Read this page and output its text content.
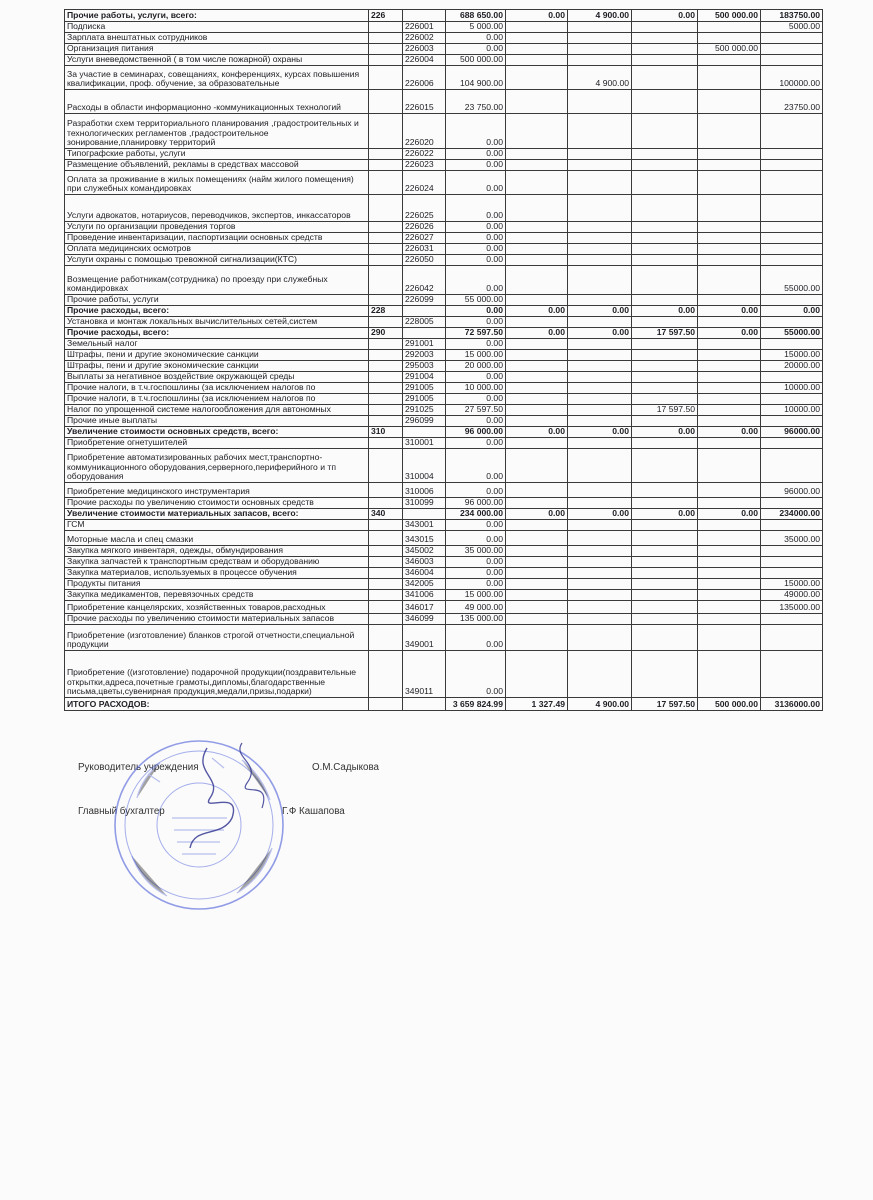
Прочие работы, услуги, всего:	226		688 650.00	0.00	4 900.00	0.00	500 000.00	183750.00
Подписка		226001	5 000.00					5000.00
Зарплата внештатных сотрудников		226002	0.00					
Организация питания		226003	0.00				500 000.00	
Услуги вневедомственной ( в том числе пожарной) охраны		226004	500 000.00					
За участие в семинарах, совещаниях, конференциях, курсах повышения квалификации, проф. обучение, за образовательные		226006	104 900.00		4 900.00			100000.00
Расходы в области информационно -коммуникационных технологий		226015	23 750.00					23750.00
Разработки схем территориального планирования ,градостроительных и технологических регламентов ,градостроительное зонирование,планировку территорий		226020	0.00					
Типографские работы, услуги		226022	0.00					
Размещение объявлений, рекламы в средствах массовой		226023	0.00					
Оплата за проживание в жилых помещениях (найм жилого помещения) при служебных командировках		226024	0.00					
Услуги адвокатов, нотариусов, переводчиков, экспертов, инкассаторов		226025	0.00					
Услуги по организации проведения торгов		226026	0.00					
Проведение инвентаризации, паспортизации основных средств		226027	0.00					
Оплата медицинских осмотров		226031	0.00					
Услуги охраны с помощью тревожной сигнализации(КТС)		226050	0.00					
Возмещение работникам(сотрудника) по проезду при служебных командировках		226042	0.00					55000.00
Прочие работы, услуги		226099	55 000.00					
Прочие расходы, всего:	228		0.00	0.00	0.00	0.00	0.00	0.00
Установка и монтаж локальных вычислительных сетей,систем		228005	0.00					
Прочие расходы, всего:	290		72 597.50	0.00	0.00	17 597.50	0.00	55000.00
Земельный налог		291001	0.00					
Штрафы, пени и другие экономические санкции		292003	15 000.00					15000.00
Штрафы, пени и другие экономические санкции		295003	20 000.00					20000.00
Выплаты за негативное воздействие окружающей среды		291004	0.00					
Прочие налоги, в т.ч.госпошлины (за исключением налогов по		291005	10 000.00					10000.00
Прочие налоги, в т.ч.госпошлины (за исключением налогов по		291005	0.00					
Налог по упрощенной системе налогообложения для автономных		291025	27 597.50			17 597.50		10000.00
Прочие иные выплаты		296099	0.00					
Увеличение стоимости основных средств, всего:	310		96 000.00	0.00	0.00	0.00	0.00	96000.00
Приобретение огнетушителей		310001	0.00					
Приобретение автоматизированных рабочих мест,транспортно-коммуникационного оборудования,серверного,периферийного и тп оборудования		310004	0.00					
Приобретение медицинского инструментария		310006	0.00					96000.00
Прочие расходы по увеличению стоимости основных средств		310099	96 000.00					
Увеличение стоимости материальных запасов, всего:	340		234 000.00	0.00	0.00	0.00	0.00	234000.00
ГСМ		343001	0.00					
Моторные масла и спец смазки		343015	0.00					35000.00
Закупка мягкого инвентаря, одежды, обмундирования		345002	35 000.00					
Закупка запчастей к транспортным средствам и оборудованию		346003	0.00					
Закупка материалов, используемых в процессе обучения		346004	0.00					
Продукты питания		342005	0.00					15000.00
Закупка медикаментов, перевязочных средств		341006	15 000.00					49000.00
Приобретение канцелярских, хозяйственных товаров,расходных		346017	49 000.00					135000.00
Прочие расходы по увеличению стоимости материальных запасов		346099	135 000.00					
Приобретение (изготовление) бланков строгой отчетности,специальной продукции		349001	0.00					
Приобретение ((изготовление) подарочной продукции(поздравительные открытки,адреса,почетные грамоты,дипломы,благодарственные письма,цветы,сувенирная продукция,медали,призы,подарки)		349011	0.00					
ИТОГО РАСХОДОВ:			3 659 824.99	1 327.49	4 900.00	17 597.50	500 000.00	3136000.00
Руководитель учреждения	О.М.Садыкова
Главный бухгалтер	Г.Ф Кашапова
